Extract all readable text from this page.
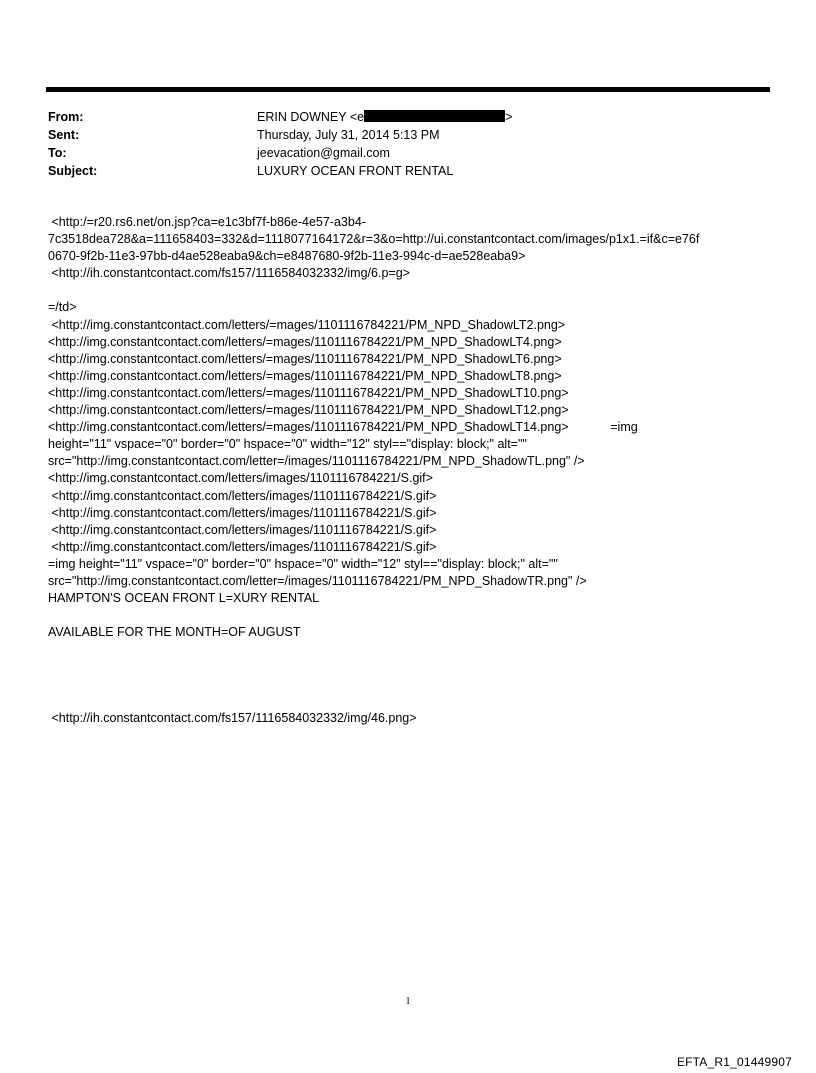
From:	ERIN DOWNEY <e	>
Sent:	Thursday, July 31, 2014 5:13 PM
To:	jeevacation@gmail.com
Subject:	LUXURY OCEAN FRONT RENTAL
<http:/=r20.rs6.net/on.jsp?ca=e1c3bf7f-b86e-4e57-a3b4-
7c3518dea728&a=111658403=332&d=1118077164172&r=3&o=http://ui.constantcontact.com/images/p1x1.=if&c=e76f
0670-9f2b-11e3-97bb-d4ae528eaba9&ch=e8487680-9f2b-11e3-994c-d=ae528eaba9>
<http://ih.constantcontact.com/fs157/1116584032332/img/6.p=g>
=/td>
<http://img.constantcontact.com/letters/=mages/1101116784221/PM_NPD_ShadowLT2.png>
<http://img.constantcontact.com/letters/=mages/1101116784221/PM_NPD_ShadowLT4.png>
<http://img.constantcontact.com/letters/=mages/1101116784221/PM_NPD_ShadowLT6.png>
<http://img.constantcontact.com/letters/=mages/1101116784221/PM_NPD_ShadowLT8.png>
<http://img.constantcontact.com/letters/=mages/1101116784221/PM_NPD_ShadowLT10.png>
<http://img.constantcontact.com/letters/=mages/1101116784221/PM_NPD_ShadowLT12.png>
<http://img.constantcontact.com/letters/=mages/1101116784221/PM_NPD_ShadowLT14.png>            =img
height="11" vspace="0" border="0" hspace="0" width="12" styl=="display: block;" alt=""
src="http://img.constantcontact.com/letter=/images/1101116784221/PM_NPD_ShadowTL.png" />
<http://img.constantcontact.com/letters/images/1101116784221/S.gif>
<http://img.constantcontact.com/letters/images/1101116784221/S.gif>
<http://img.constantcontact.com/letters/images/1101116784221/S.gif>
<http://img.constantcontact.com/letters/images/1101116784221/S.gif>
<http://img.constantcontact.com/letters/images/1101116784221/S.gif>
=img height="11" vspace="0" border="0" hspace="0" width="12" styl=="display: block;" alt=""
src="http://img.constantcontact.com/letter=/images/1101116784221/PM_NPD_ShadowTR.png" />
HAMPTON'S OCEAN FRONT L=XURY RENTAL
AVAILABLE FOR THE MONTH=OF AUGUST
<http://ih.constantcontact.com/fs157/1116584032332/img/46.png>
1
EFTA_R1_01449907
